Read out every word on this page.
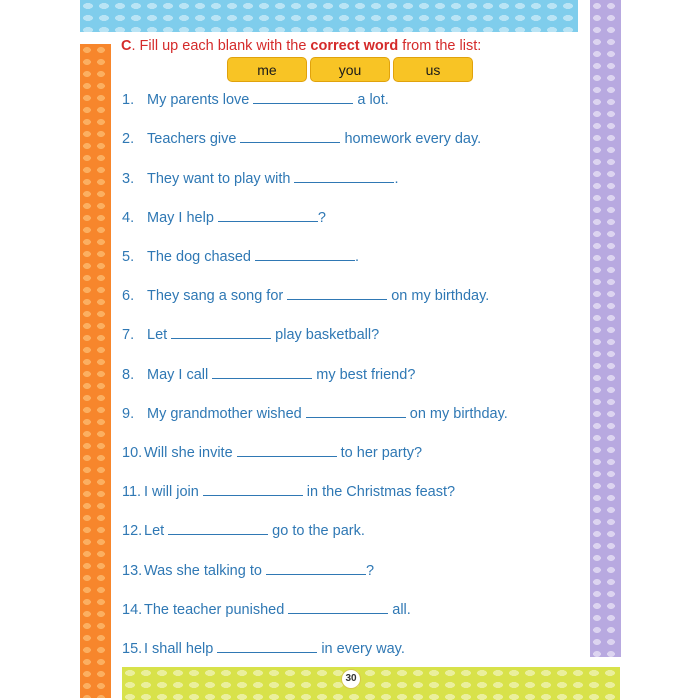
C. Fill up each blank with the correct word from the list:

me	you	us
1. My parents love	a lot.
2. Teachers give	homework every day.
3. They want to play with	.
4. May I help	?
5. The dog chased	.
6. They sang a song for	on my birthday.
7. Let	play basketball?
8. May I call	my best friend?
9. My grandmother wished	on my birthday.
10. Will she invite	to her party?
11. I will join	in the Christmas feast?
12. Let	go to the park.
13. Was she talking to	?
14. The teacher punished	all.
15. I shall help	in every way.
30
